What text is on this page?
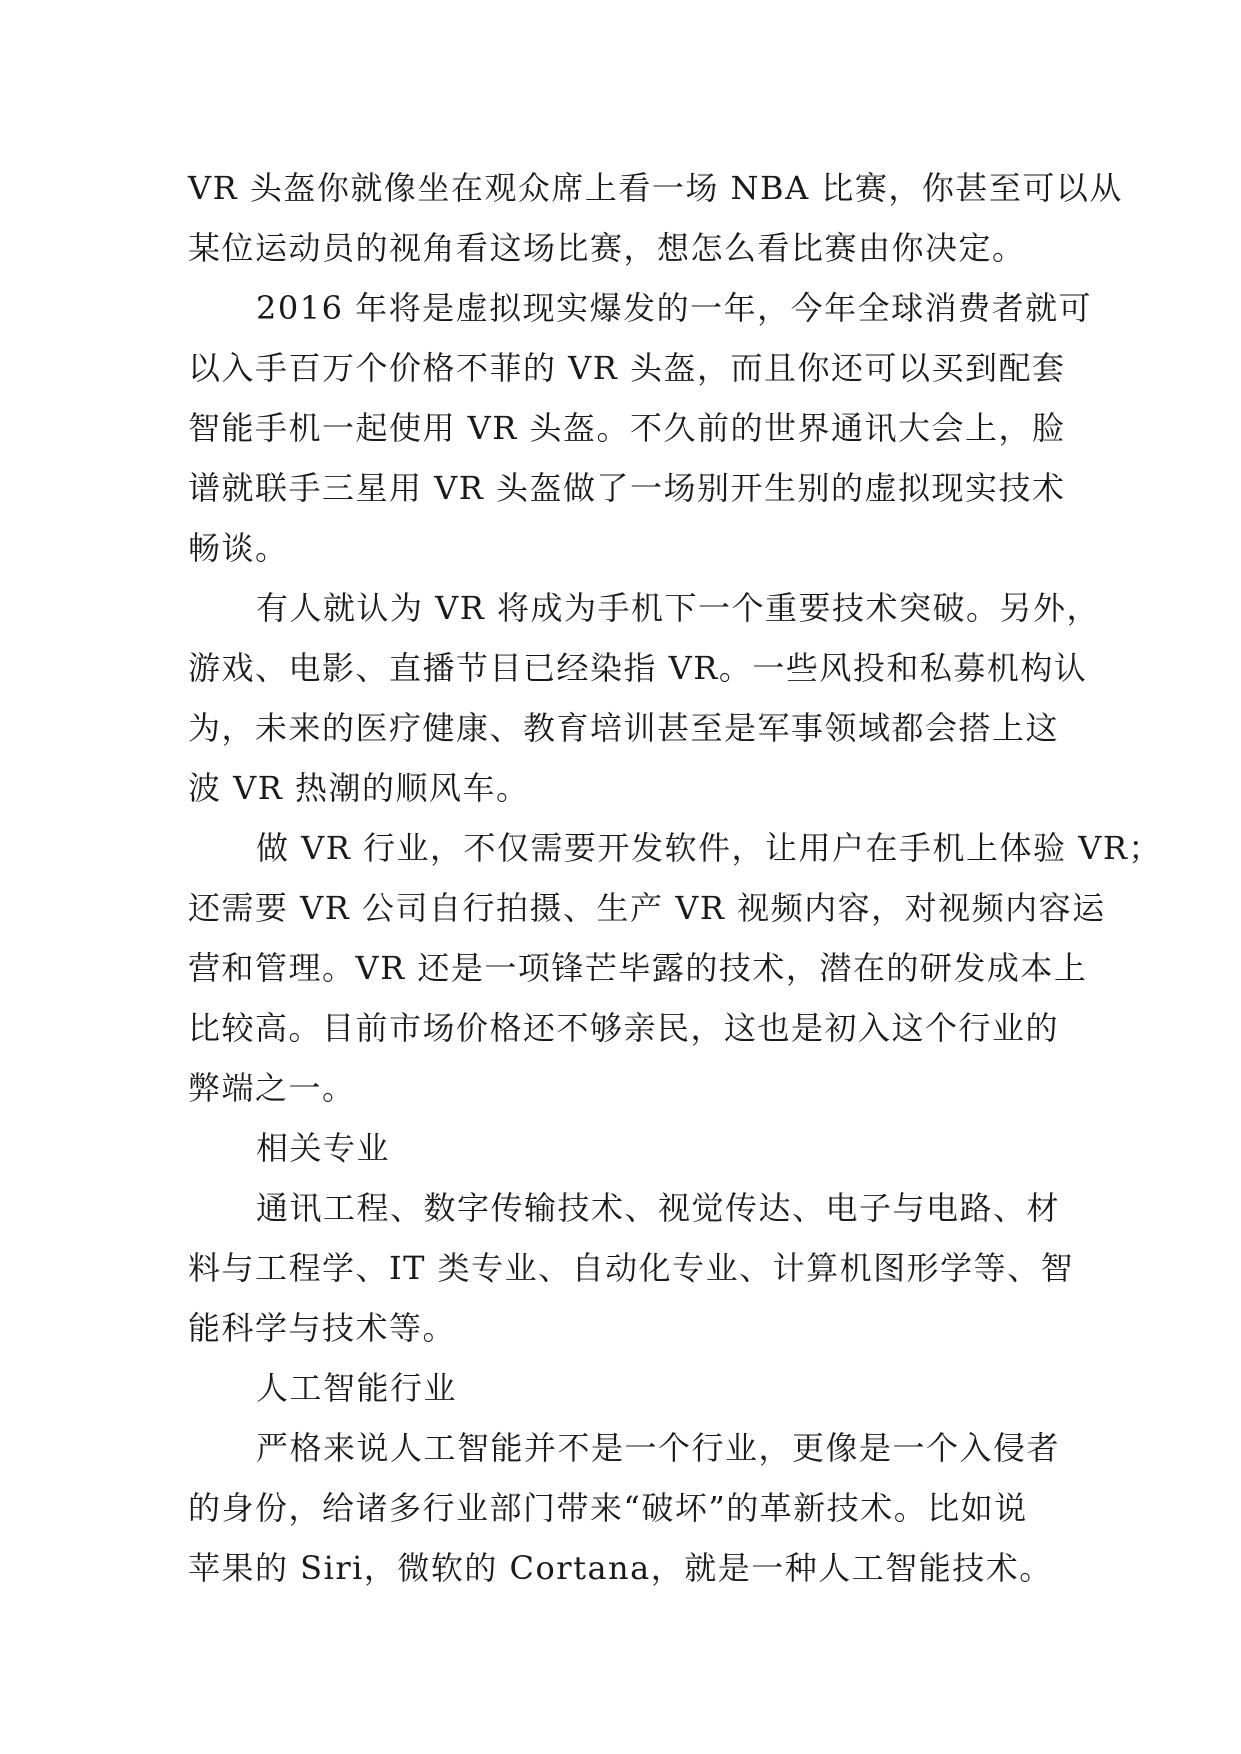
VR 头盔你就像坐在观众席上看一场 NBA 比赛，你甚至可以从
某位运动员的视角看这场比赛，想怎么看比赛由你决定。
2016 年将是虚拟现实爆发的一年，今年全球消费者就可
以入手百万个价格不菲的 VR 头盔，而且你还可以买到配套
智能手机一起使用 VR 头盔。不久前的世界通讯大会上，脸
谱就联手三星用 VR 头盔做了一场别开生别的虚拟现实技术
畅谈。
有人就认为 VR 将成为手机下一个重要技术突破。另外，
游戏、电影、直播节目已经染指 VR。一些风投和私募机构认
为，未来的医疗健康、教育培训甚至是军事领域都会搭上这
波 VR 热潮的顺风车。
做 VR 行业，不仅需要开发软件，让用户在手机上体验 VR；
还需要 VR 公司自行拍摄、生产 VR 视频内容，对视频内容运
营和管理。VR 还是一项锋芒毕露的技术，潜在的研发成本上
比较高。目前市场价格还不够亲民，这也是初入这个行业的
弊端之一。
相关专业
通讯工程、数字传输技术、视觉传达、电子与电路、材
料与工程学、IT 类专业、自动化专业、计算机图形学等、智
能科学与技术等。
人工智能行业
严格来说人工智能并不是一个行业，更像是一个入侵者
的身份，给诸多行业部门带来“破坏”的革新技术。比如说
苹果的 Siri，微软的 Cortana，就是一种人工智能技术。
